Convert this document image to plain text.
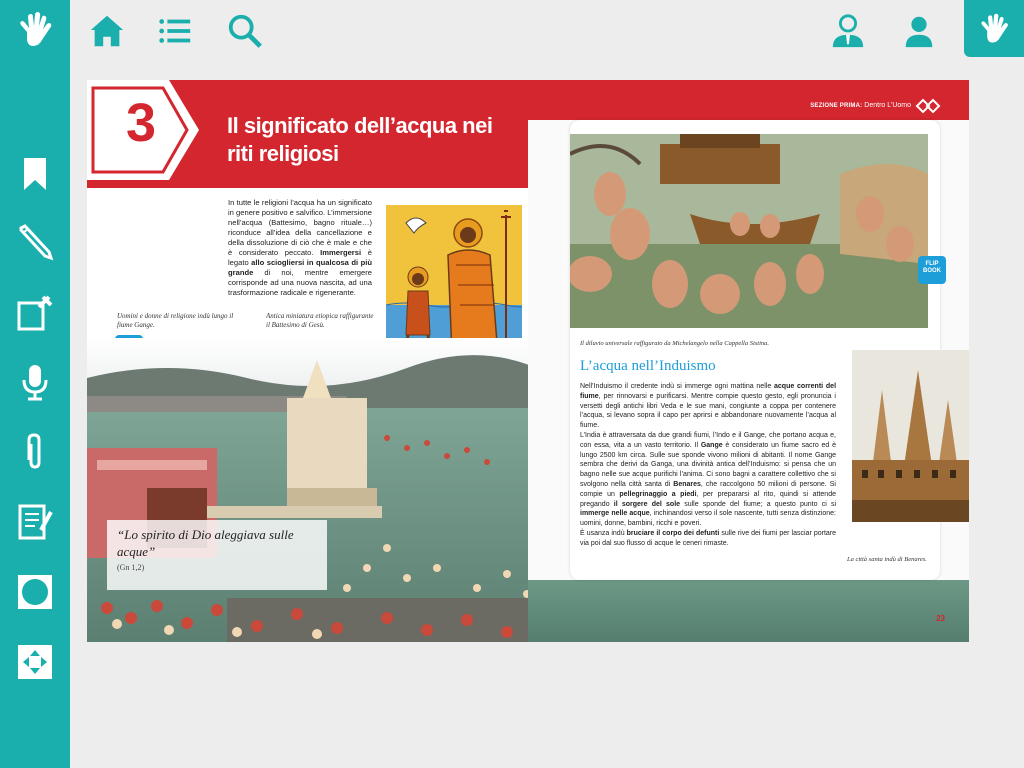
3	Il significato dell’acqua nei riti religiosi
In tutte le religioni l’acqua ha un significato in genere positivo e salvifico. L’immersione nell’acqua (Battesimo, bagno rituale…) riconduce all’idea della cancellazione e della dissoluzione di ciò che è male e che è considerato peccato. Immergersi è legato allo sciogliersi in qualcosa di più grande di noi, mentre emergere corrisponde ad una nuova nascita, ad una trasformazione radicale e rigenerante.
Uomini e donne di religione indù lungo il fiume Gange.
Antica miniatura etiopica raffigurante il Battesimo di Gesù.
“Lo spirito di Dio aleggiava sulle acque”
(Gn 1,2)
SEZIONE PRIMA: Dentro L’Uomo
FLIP BOOK
Il diluvio universale raffigurato da Michelangelo nella Cappella Sistina.
L’acqua nell’Induismo

Nell’Induismo il credente indù si immerge ogni mattina nelle acque correnti del fiume, per rinnovarsi e purificarsi. Mentre compie questo gesto, egli pronuncia i versetti degli antichi libri Veda e le sue mani, congiunte a coppa per contenere l’acqua, si levano sopra il capo per aprirsi e abbandonare nuovamente l’acqua al fiume.

L’India è attraversata da due grandi fiumi, l’Indo e il Gange, che portano acqua e, con essa, vita a un vasto territorio. Il Gange è considerato un fiume sacro ed è lungo 2500 km circa. Sulle sue sponde vivono milioni di abitanti. Il nome Gange sembra che derivi da Ganga, una divinità antica dell’Induismo: si pensa che un bagno nelle sue acque purifichi l’anima. Ci sono bagni a carattere collettivo che si svolgono nella città santa di Benares, che raccolgono 50 milioni di persone. Si compie un pellegrinaggio a piedi, per prepararsi al rito, quindi si attende pregando il sorgere del sole sulle sponde del fiume; a questo punto ci si immerge nelle acque, inchinandosi verso il sole nascente, tutti senza distinzione: uomini, donne, bambini, ricchi e poveri.

È usanza indù bruciare il corpo dei defunti sulle rive dei fiumi per lasciar portare via poi dal suo flusso di acque le ceneri rimaste.

La città santa indù di Benares.
23
